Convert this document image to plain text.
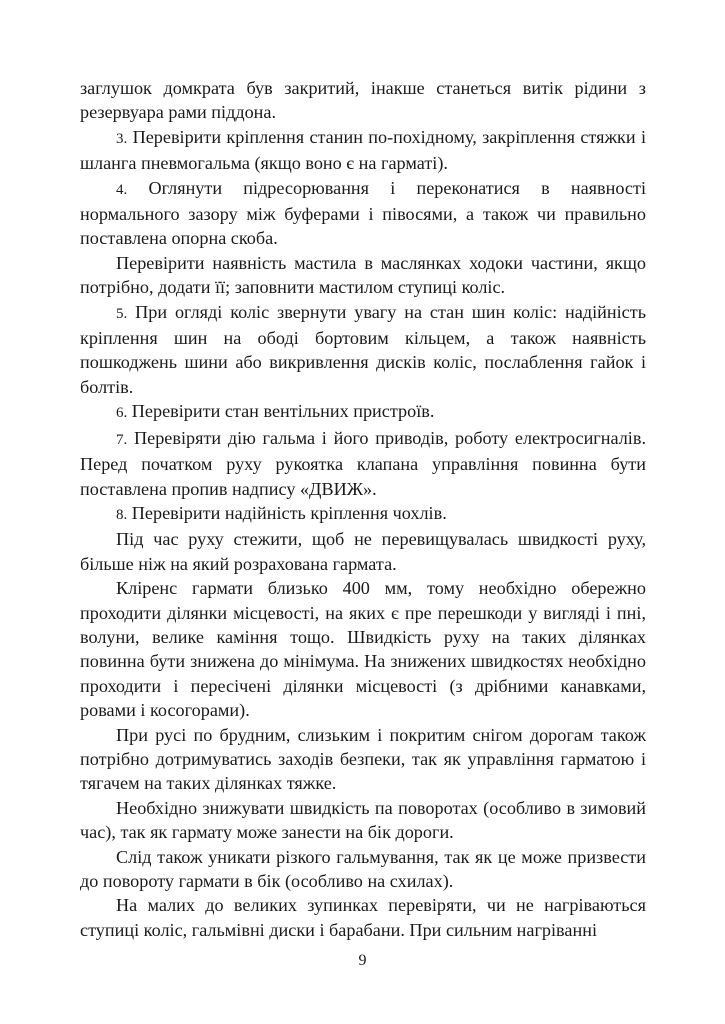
заглушок домкрата був закритий, інакше станеться витік рідини з резервуара рами піддона.

3. Перевірити кріплення станин по-похідному, закріплення стяжки і шланга пневмогальма (якщо воно є на гарматі).

4. Оглянути підресорювання і переконатися в наявності нормального зазору між буферами і півосями, а також чи правильно поставлена опорна скоба.

Перевірити наявність мастила в маслянках ходоки частини, якщо потрібно, додати її; заповнити мастилом ступиці коліс.

5. При огляді коліс звернути увагу на стан шин коліс: надійність кріплення шин на ободі бортовим кільцем, а також наявність пошкоджень шини або викривлення дисків коліс, послаблення гайок і болтів.

6. Перевірити стан вентільних пристроїв.

7. Перевіряти дію гальма і його приводів, роботу електросигналів. Перед початком руху рукоятка клапана управління повинна бути поставлена пропив надпису «ДВИЖ».

8. Перевірити надійність кріплення чохлів.

Під час руху стежити, щоб не перевищувалась швидкості руху, більше ніж на який розрахована гармата.

Кліренс гармати близько 400 мм, тому необхідно обережно проходити ділянки місцевості, на яких є пре перешкоди у вигляді і пні, волуни, велике каміння тощо. Швидкість руху на таких ділянках повинна бути знижена до мінімума. На знижених швидкостях необхідно проходити і пересічені ділянки місцевості (з дрібними канавками, ровами і косогорами).

При русі по брудним, слизьким і покритим снігом дорогам також потрібно дотримуватись заходів безпеки, так як управління гарматою і тягачем на таких ділянках тяжке.

Необхідно знижувати швидкість па поворотах (особливо в зимовий час), так як гармату може занести на бік дороги.

Слід також уникати різкого гальмування, так як це може призвести до повороту гармати в бік (особливо на схилах).

На малих до великих зупинках перевіряти, чи не нагріваються ступиці коліс, гальмівні диски і барабани. При сильним нагріванні

9
